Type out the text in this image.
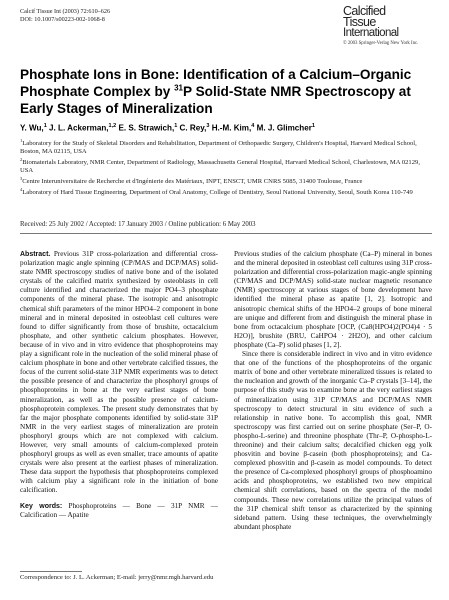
Calcif Tissue Int (2003) 72:610–626
DOI: 10.1007/s00223-002-1068-8
Calcified
Tissue
International
© 2003 Springer-Verlag New York Inc.
Phosphate Ions in Bone: Identification of a Calcium–Organic Phosphate Complex by $^{31}$P Solid-State NMR Spectroscopy at Early Stages of Mineralization
Y. Wu,$^1$ J. L. Ackerman,$^{1,2}$ E. S. Strawich,$^1$ C. Rey,$^3$ H.-M. Kim,$^4$ M. J. Glimcher$^1$
$^1$Laboratory for the Study of Skeletal Disorders and Rehabilitation, Department of Orthopaedic Surgery, Children's Hospital, Harvard Medical School, Boston, MA 02115, USA
$^2$Biomaterials Laboratory, NMR Center, Department of Radiology, Massachusetts General Hospital, Harvard Medical School, Charlestown, MA 02129, USA
$^3$Centre Interuniversitaire de Recherche et d'Ingénierie des Matériaux, INPT, ENSCT, UMR CNRS 5085, 31400 Toulouse, France
$^4$Laboratory of Hard Tissue Engineering, Department of Oral Anatomy, College of Dentistry, Seoul National University, Seoul, South Korea 110-749
Received: 25 July 2002 / Accepted: 17 January 2003 / Online publication: 6 May 2003

Abstract. Previous 31P cross-polarization and differential cross-polarization magic angle spinning (CP/MAS and DCP/MAS) solid-state NMR spectroscopy studies of native bone and of the isolated crystals of the calcified matrix synthesized by osteoblasts in cell culture identified and characterized the major PO4–3 phosphate components of the mineral phase. The isotropic and anisotropic chemical shift parameters of the minor HPO4–2 component in bone mineral and in mineral deposited in osteoblast cell cultures were found to differ significantly from those of brushite, octacalcium phosphate, and other synthetic calcium phosphates. However, because of in vivo and in vitro evidence that phosphoproteins may play a significant role in the nucleation of the solid mineral phase of calcium phosphate in bone and other vertebrate calcified tissues, the focus of the current solid-state 31P NMR experiments was to detect the possible presence of and characterize the phosphoryl groups of phosphoproteins in bone at the very earliest stages of bone mineralization, as well as the possible presence of calcium-phosphoprotein complexes. The present study demonstrates that by far the major phosphate components identified by solid-state 31P NMR in the very earliest stages of mineralization are protein phosphoryl groups which are not complexed with calcium. However, very small amounts of calcium-complexed protein phosphoryl groups as well as even smaller, trace amounts of apatite crystals were also present at the earliest phases of mineralization. These data support the hypothesis that phosphoproteins complexed with calcium play a significant role in the initiation of bone calcification.

Key words: Phosphoproteins — Bone — 31P NMR — Calcification — Apatite

Correspondence to: J. L. Ackerman; E-mail: jerry@nmr.mgh.harvard.edu

Previous studies of the calcium phosphate (Ca–P) mineral in bones and the mineral deposited in osteoblast cell cultures using 31P cross-polarization and differential cross-polarization magic-angle spinning (CP/MAS and DCP/MAS) solid-state nuclear magnetic resonance (NMR) spectroscopy at various stages of bone development have identified the mineral phase as apatite [1, 2]. Isotropic and anisotropic chemical shifts of the HPO4–2 groups of bone mineral are unique and different from and distinguish the mineral phase in bone from octacalcium phosphate [OCP, (Ca8(HPO4)2(PO4)4 · 5 H2O)], brushite (BRU, CaHPO4 · 2H2O), and other calcium phosphate (Ca–P) solid phases [1, 2].

Since there is considerable indirect in vivo and in vitro evidence that one of the functions of the phosphoproteins of the organic matrix of bone and other vertebrate mineralized tissues is related to the nucleation and growth of the inorganic Ca–P crystals [3–14], the purpose of this study was to examine bone at the very earliest stages of mineralization using 31P CP/MAS and DCP/MAS NMR spectroscopy to detect structural in situ evidence of such a relationship in native bone. To accomplish this goal, NMR spectroscopy was first carried out on serine phosphate (Ser–P, O-phospho-L-serine) and threonine phosphate (Thr–P, O-phospho-L-threonine) and their calcium salts; decalcified chicken egg yolk phosvitin and bovine β-casein (both phosphoproteins); and Ca-complexed phosvitin and β-casein as model compounds. To detect the presence of Ca-complexed phosphoryl groups of phosphoamino acids and phosphoproteins, we established two new empirical chemical shift correlations, based on the spectra of the model compounds. These new correlations utilize the principal values of the 31P chemical shift tensor as characterized by the spinning sideband pattern. Using these techniques, the overwhelmingly abundant phosphate
